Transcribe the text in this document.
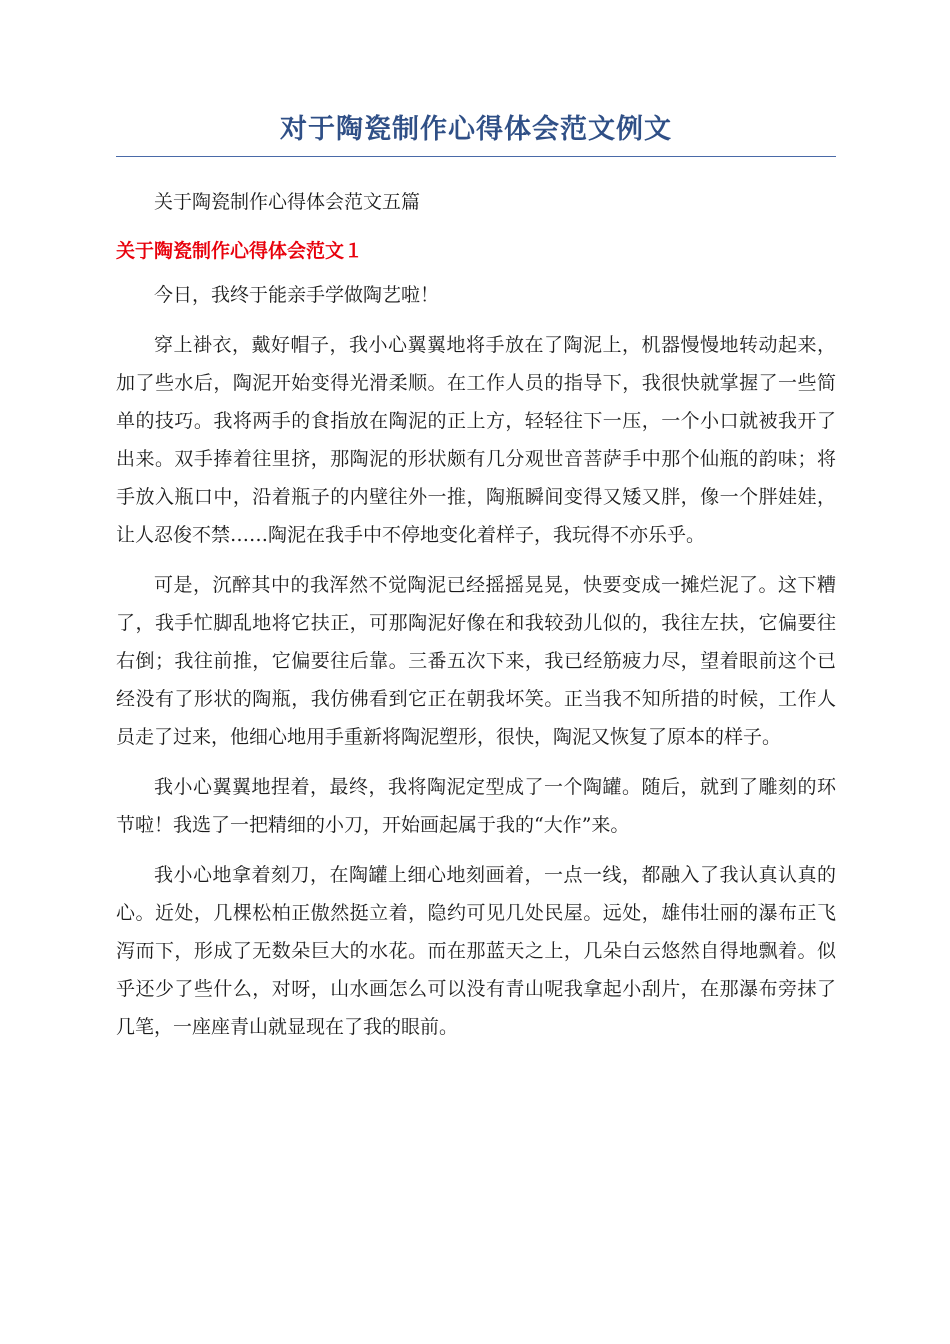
对于陶瓷制作心得体会范文例文

关于陶瓷制作心得体会范文五篇

关于陶瓷制作心得体会范文１

今日，我终于能亲手学做陶艺啦！

穿上褂衣，戴好帽子，我小心翼翼地将手放在了陶泥上，机器慢慢地转动起来，加了些水后，陶泥开始变得光滑柔顺。在工作人员的指导下，我很快就掌握了一些简单的技巧。我将两手的食指放在陶泥的正上方，轻轻往下一压，一个小口就被我开了出来。双手捧着往里挤，那陶泥的形状颇有几分观世音菩萨手中那个仙瓶的韵味；将手放入瓶口中，沿着瓶子的内壁往外一推，陶瓶瞬间变得又矮又胖，像一个胖娃娃，让人忍俊不禁……陶泥在我手中不停地变化着样子，我玩得不亦乐乎。

可是，沉醉其中的我浑然不觉陶泥已经摇摇晃晃，快要变成一摊烂泥了。这下糟了，我手忙脚乱地将它扶正，可那陶泥好像在和我较劲儿似的，我往左扶，它偏要往右倒；我往前推，它偏要往后靠。三番五次下来，我已经筋疲力尽，望着眼前这个已经没有了形状的陶瓶，我仿佛看到它正在朝我坏笑。正当我不知所措的时候，工作人员走了过来，他细心地用手重新将陶泥塑形，很快，陶泥又恢复了原本的样子。

我小心翼翼地捏着，最终，我将陶泥定型成了一个陶罐。随后，就到了雕刻的环节啦！我选了一把精细的小刀，开始画起属于我的“大作”来。

我小心地拿着刻刀，在陶罐上细心地刻画着，一点一线，都融入了我认真认真的心。近处，几棵松柏正傲然挺立着，隐约可见几处民屋。远处，雄伟壮丽的瀑布正飞泻而下，形成了无数朵巨大的水花。而在那蓝天之上，几朵白云悠然自得地飘着。似乎还少了些什么，对呀，山水画怎么可以没有青山呢我拿起小刮片，在那瀑布旁抹了几笔，一座座青山就显现在了我的眼前。
